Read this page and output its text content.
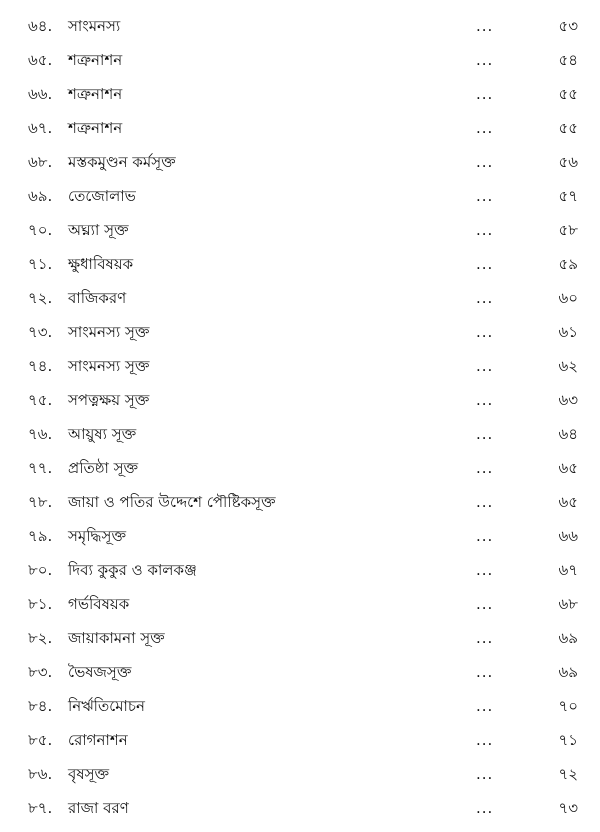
৬৪. সাংমনস্য	...	৫৩
৬৫. শত্রুনাশন	...	৫৪
৬৬. শত্রুনাশন	...	৫৫
৬৭. শত্রুনাশন	...	৫৫
৬৮. মস্তকমুণ্ডন কর্মসূক্ত	...	৫৬
৬৯. তেজোলাভ	...	৫৭
৭০. অঘ্ন্যা সূক্ত	...	৫৮
৭১. ক্ষুধাবিষয়ক	...	৫৯
৭২. বাজিকরণ	...	৬০
৭৩. সাংমনস্য সূক্ত	...	৬১
৭৪. সাংমনস্য সূক্ত	...	৬২
৭৫. সপত্নক্ষয় সূক্ত	...	৬৩
৭৬. আয়ুষ্য সূক্ত	...	৬৪
৭৭. প্রতিষ্ঠা সূক্ত	...	৬৫
৭৮. জায়া ও পতির উদ্দেশে পৌষ্টিকসূক্ত	...	৬৫
৭৯. সমৃদ্ধিসূক্ত	...	৬৬
৮০. দিব্য কুকুর ও কালকঞ্জ	...	৬৭
৮১. গর্ভবিষয়ক	...	৬৮
৮২. জায়াকামনা সূক্ত	...	৬৯
৮৩. ভৈষজসূক্ত	...	৬৯
৮৪. নির্ঋতিমোচন	...	৭০
৮৫. রোগনাশন	...	৭১
৮৬. বৃষসূক্ত	...	৭২
৮৭. রাজা বরণ	...	৭৩
